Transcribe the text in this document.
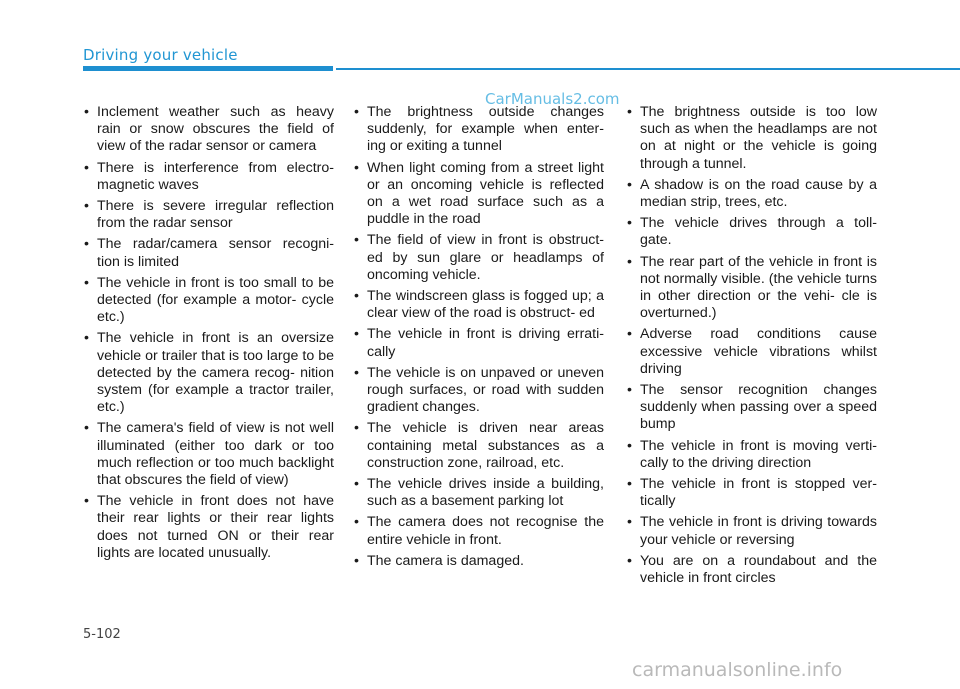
Driving your vehicle
CarManuals2.com
• Inclement weather such as heavy rain or snow obscures the field of view of the radar sensor or camera
• There is interference from electro- magnetic waves
• There is severe irregular reflection from the radar sensor
• The radar/camera sensor recogni- tion is limited
• The vehicle in front is too small to be detected (for example a motor- cycle etc.)
• The vehicle in front is an oversize vehicle or trailer that is too large to be detected by the camera recog- nition system (for example a tractor trailer, etc.)
• The camera's field of view is not well illuminated (either too dark or too much reflection or too much backlight that obscures the field of view)
• The vehicle in front does not have their rear lights or their rear lights does not turned ON or their rear lights are located unusually.
• The brightness outside changes suddenly, for example when enter- ing or exiting a tunnel
• When light coming from a street light or an oncoming vehicle is reflected on a wet road surface such as a puddle in the road
• The field of view in front is obstruct- ed by sun glare or headlamps of oncoming vehicle.
• The windscreen glass is fogged up; a clear view of the road is obstruct- ed
• The vehicle in front is driving errati- cally
• The vehicle is on unpaved or uneven rough surfaces, or road with sudden gradient changes.
• The vehicle is driven near areas containing metal substances as a construction zone, railroad, etc.
• The vehicle drives inside a building, such as a basement parking lot
• The camera does not recognise the entire vehicle in front.
• The camera is damaged.
• The brightness outside is too low such as when the headlamps are not on at night or the vehicle is going through a tunnel.
• A shadow is on the road cause by a median strip, trees, etc.
• The vehicle drives through a toll- gate.
• The rear part of the vehicle in front is not normally visible. (the vehicle turns in other direction or the vehi- cle is overturned.)
• Adverse road conditions cause excessive vehicle vibrations whilst driving
• The sensor recognition changes suddenly when passing over a speed bump
• The vehicle in front is moving verti- cally to the driving direction
• The vehicle in front is stopped ver- tically
• The vehicle in front is driving towards your vehicle or reversing
• You are on a roundabout and the vehicle in front circles
5-102
carmanualsonline.info
